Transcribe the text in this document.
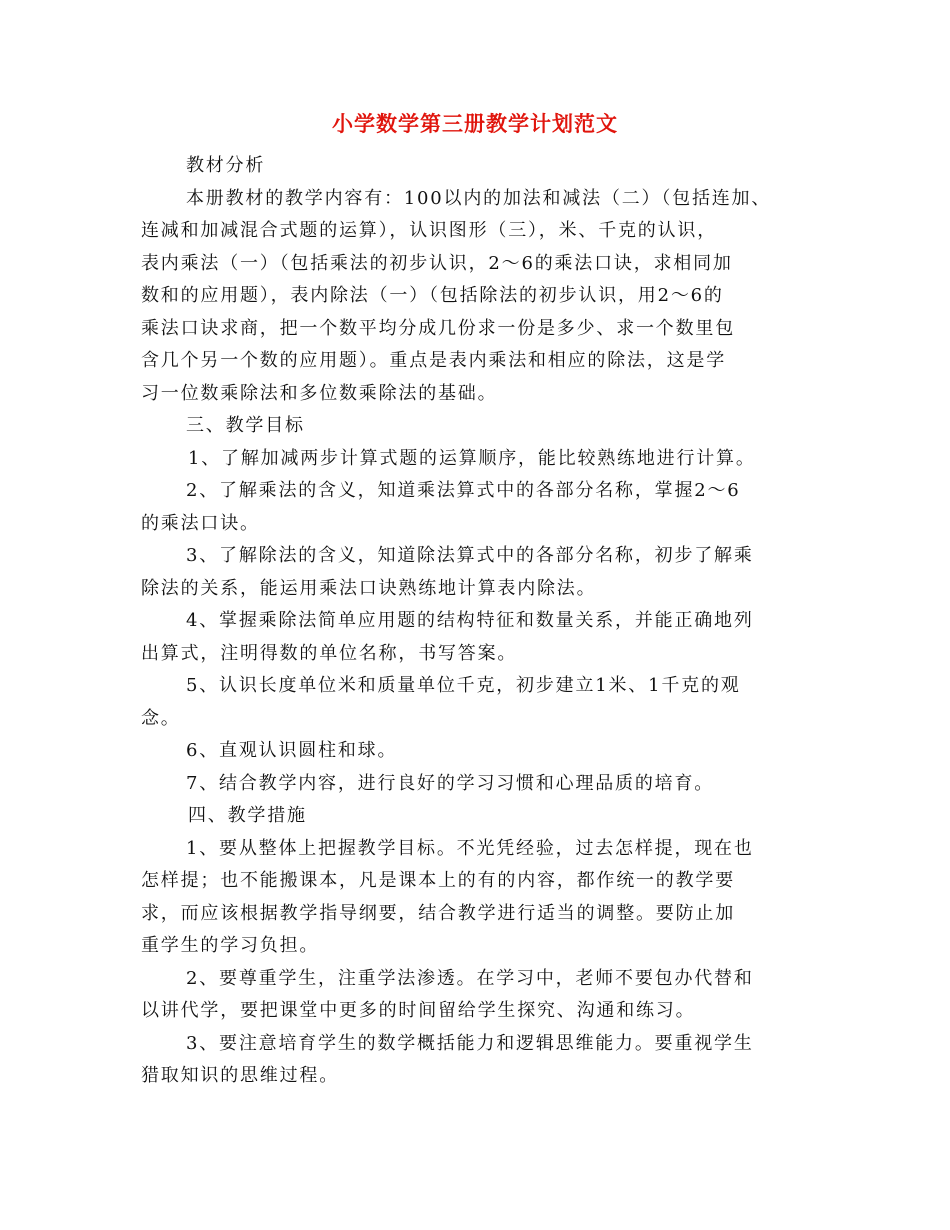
小学数学第三册教学计划范文
教材分析
本册教材的教学内容有：100以内的加法和减法（二）（包括连加、
连减和加减混合式题的运算），认识图形（三），米、千克的认识，
表内乘法（一）（包括乘法的初步认识，2～6的乘法口诀，求相同加
数和的应用题），表内除法（一）（包括除法的初步认识，用2～6的
乘法口诀求商，把一个数平均分成几份求一份是多少、求一个数里包
含几个另一个数的应用题）。重点是表内乘法和相应的除法，这是学
习一位数乘除法和多位数乘除法的基础。
三、教学目标
1、了解加减两步计算式题的运算顺序，能比较熟练地进行计算。
2、了解乘法的含义，知道乘法算式中的各部分名称，掌握2～6
的乘法口诀。
3、了解除法的含义，知道除法算式中的各部分名称，初步了解乘
除法的关系，能运用乘法口诀熟练地计算表内除法。
4、掌握乘除法简单应用题的结构特征和数量关系，并能正确地列
出算式，注明得数的单位名称，书写答案。
5、认识长度单位米和质量单位千克，初步建立1米、1千克的观
念。
6、直观认识圆柱和球。
7、结合教学内容，进行良好的学习习惯和心理品质的培育。
四、教学措施
1、要从整体上把握教学目标。不光凭经验，过去怎样提，现在也
怎样提；也不能搬课本，凡是课本上的有的内容，都作统一的教学要
求，而应该根据教学指导纲要，结合教学进行适当的调整。要防止加
重学生的学习负担。
2、要尊重学生，注重学法渗透。在学习中，老师不要包办代替和
以讲代学，要把课堂中更多的时间留给学生探究、沟通和练习。
3、要注意培育学生的数学概括能力和逻辑思维能力。要重视学生
猎取知识的思维过程。
